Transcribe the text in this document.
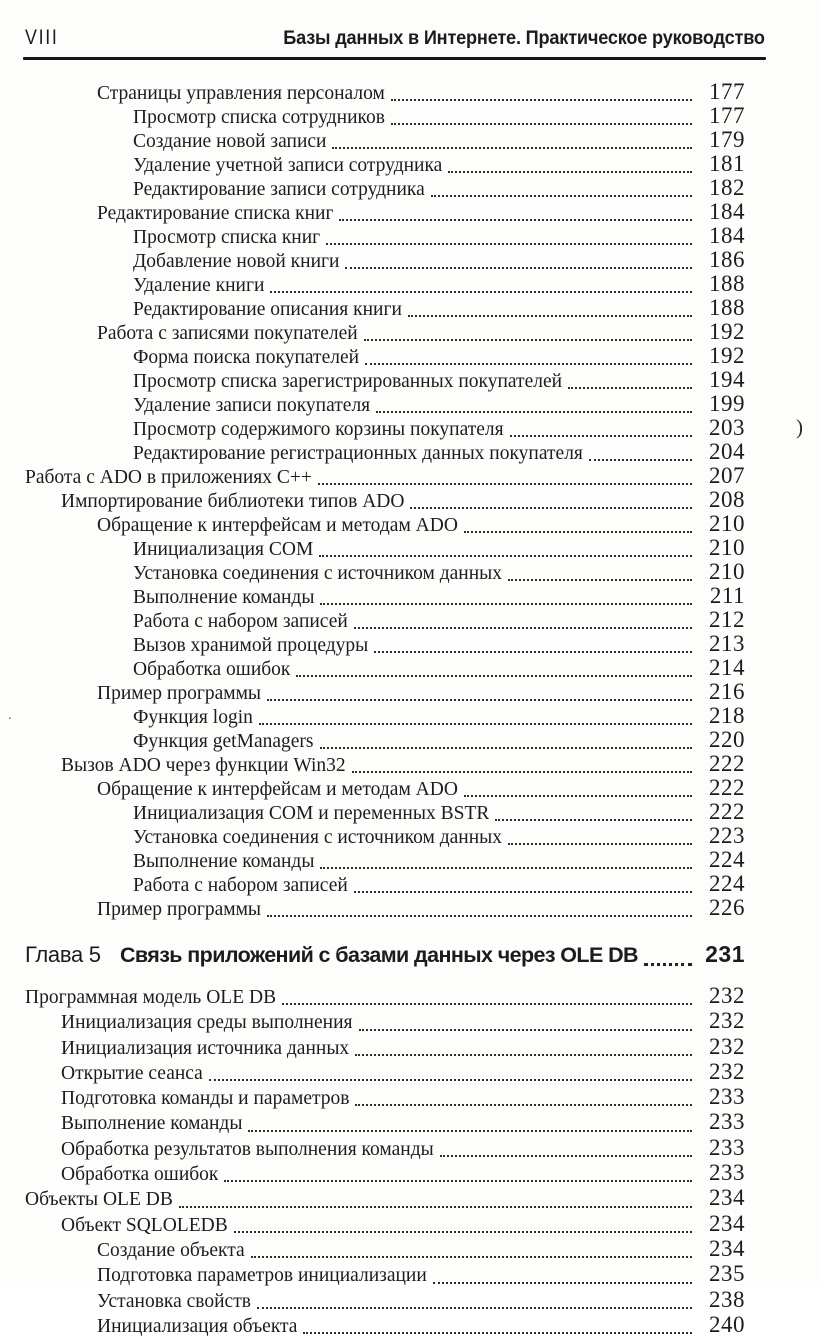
VIII	Базы данных в Интернете. Практическое руководство
Страницы управления персоналом	177
Просмотр списка сотрудников	177
Создание новой записи	179
Удаление учетной записи сотрудника	181
Редактирование записи сотрудника	182
Редактирование списка книг	184
Просмотр списка книг	184
Добавление новой книги	186
Удаление книги	188
Редактирование описания книги	188
Работа с записями покупателей	192
Форма поиска покупателей	192
Просмотр списка зарегистрированных покупателей	194
Удаление записи покупателя	199
Просмотр содержимого корзины покупателя	203
Редактирование регистрационных данных покупателя	204
Работа с ADO в приложениях C++	207
Импортирование библиотеки типов ADO	208
Обращение к интерфейсам и методам ADO	210
Инициализация COM	210
Установка соединения с источником данных	210
Выполнение команды	211
Работа с набором записей	212
Вызов хранимой процедуры	213
Обработка ошибок	214
Пример программы	216
Функция login	218
Функция getManagers	220
Вызов ADO через функции Win32	222
Обращение к интерфейсам и методам ADO	222
Инициализация COM и переменных BSTR	222
Установка соединения с источником данных	223
Выполнение команды	224
Работа с набором записей	224
Пример программы	226
Глава 5 Связь приложений с базами данных через OLE DB	231
Программная модель OLE DB	232
Инициализация среды выполнения	232
Инициализация источника данных	232
Открытие сеанса	232
Подготовка команды и параметров	233
Выполнение команды	233
Обработка результатов выполнения команды	233
Обработка ошибок	233
Объекты OLE DB	234
Объект SQLOLEDB	234
Создание объекта	234
Подготовка параметров инициализации	235
Установка свойств	238
Инициализация объекта	240
)
.
